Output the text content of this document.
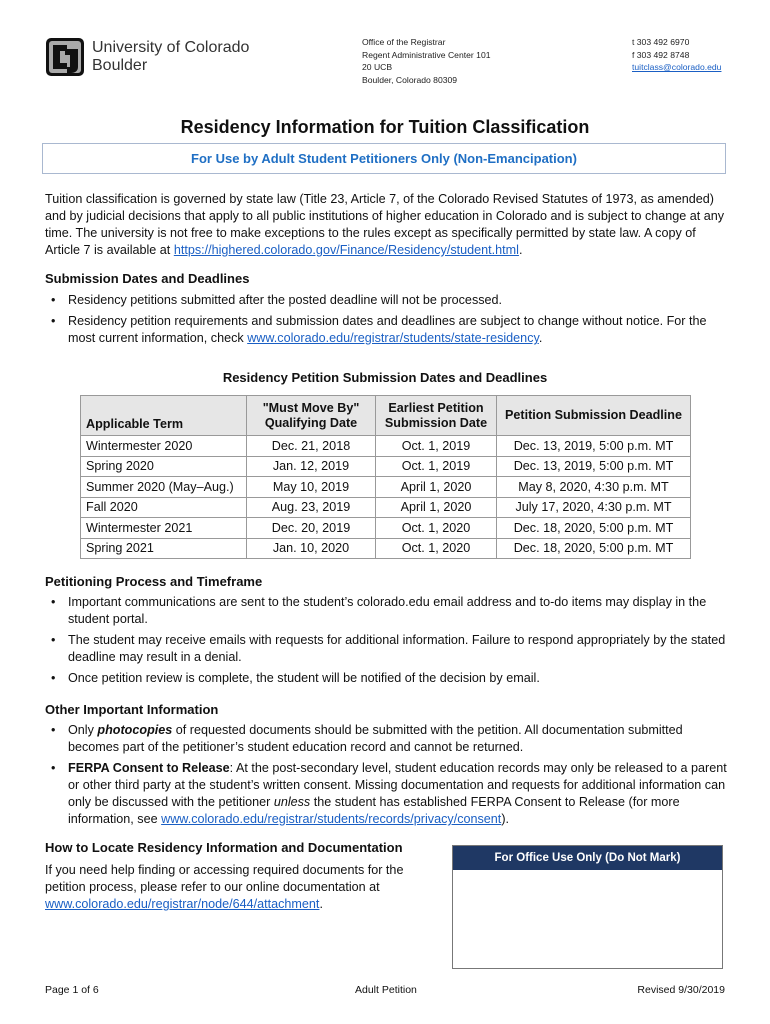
University of Colorado
Boulder
Office of the Registrar
Regent Administrative Center 101
20 UCB
Boulder, Colorado 80309
t 303 492 6970
f 303 492 8748
tuitclass@colorado.edu
Residency Information for Tuition Classification
For Use by Adult Student Petitioners Only (Non-Emancipation)
Tuition classification is governed by state law (Title 23, Article 7, of the Colorado Revised Statutes of 1973, as amended) and by judicial decisions that apply to all public institutions of higher education in Colorado and is subject to change at any time. The university is not free to make exceptions to the rules except as specifically permitted by state law. A copy of Article 7 is available at https://highered.colorado.gov/Finance/Residency/student.html.
Submission Dates and Deadlines
• Residency petitions submitted after the posted deadline will not be processed.
• Residency petition requirements and submission dates and deadlines are subject to change without notice. For the most current information, check www.colorado.edu/registrar/students/state-residency.
Residency Petition Submission Dates and Deadlines
Applicable Term	"Must Move By" Qualifying Date	Earliest Petition Submission Date	Petition Submission Deadline
Wintermester 2020	Dec. 21, 2018	Oct. 1, 2019	Dec. 13, 2019, 5:00 p.m. MT
Spring 2020	Jan. 12, 2019	Oct. 1, 2019	Dec. 13, 2019, 5:00 p.m. MT
Summer 2020 (May–Aug.)	May 10, 2019	April 1, 2020	May 8, 2020, 4:30 p.m. MT
Fall 2020	Aug. 23, 2019	April 1, 2020	July 17, 2020, 4:30 p.m. MT
Wintermester 2021	Dec. 20, 2019	Oct. 1, 2020	Dec. 18, 2020, 5:00 p.m. MT
Spring 2021	Jan. 10, 2020	Oct. 1, 2020	Dec. 18, 2020, 5:00 p.m. MT
Petitioning Process and Timeframe
• Important communications are sent to the student’s colorado.edu email address and to-do items may display in the student portal.
• The student may receive emails with requests for additional information. Failure to respond appropriately by the stated deadline may result in a denial.
• Once petition review is complete, the student will be notified of the decision by email.
Other Important Information
• Only photocopies of requested documents should be submitted with the petition. All documentation submitted becomes part of the petitioner’s student education record and cannot be returned.
• FERPA Consent to Release: At the post-secondary level, student education records may only be released to a parent or other third party at the student’s written consent. Missing documentation and requests for additional information can only be discussed with the petitioner unless the student has established FERPA Consent to Release (for more information, see www.colorado.edu/registrar/students/records/privacy/consent).
How to Locate Residency Information and Documentation
If you need help finding or accessing required documents for the petition process, please refer to our online documentation at www.colorado.edu/registrar/node/644/attachment.
For Office Use Only (Do Not Mark)
Page 1 of 6	Adult Petition	Revised 9/30/2019
